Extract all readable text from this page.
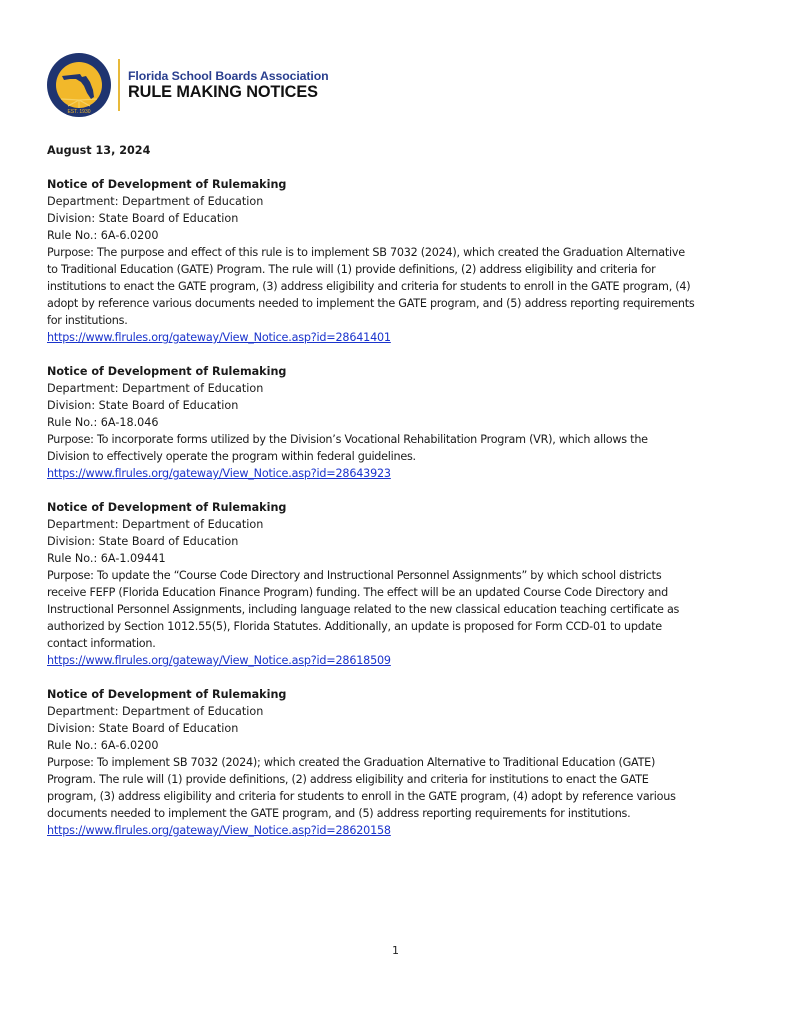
EST. 1930
Florida School Boards Association
RULE MAKING NOTICES
August 13, 2024
Notice of Development of Rulemaking
Department: Department of Education
Division: State Board of Education
Rule No.: 6A-6.0200
Purpose: The purpose and effect of this rule is to implement SB 7032 (2024), which created the Graduation Alternative
to Traditional Education (GATE) Program. The rule will (1) provide definitions, (2) address eligibility and criteria for
institutions to enact the GATE program, (3) address eligibility and criteria for students to enroll in the GATE program, (4)
adopt by reference various documents needed to implement the GATE program, and (5) address reporting requirements
for institutions.
https://www.flrules.org/gateway/View_Notice.asp?id=28641401
Notice of Development of Rulemaking
Department: Department of Education
Division: State Board of Education
Rule No.: 6A-18.046
Purpose: To incorporate forms utilized by the Division’s Vocational Rehabilitation Program (VR), which allows the
Division to effectively operate the program within federal guidelines.
https://www.flrules.org/gateway/View_Notice.asp?id=28643923
Notice of Development of Rulemaking
Department: Department of Education
Division: State Board of Education
Rule No.: 6A-1.09441
Purpose: To update the “Course Code Directory and Instructional Personnel Assignments” by which school districts
receive FEFP (Florida Education Finance Program) funding. The effect will be an updated Course Code Directory and
Instructional Personnel Assignments, including language related to the new classical education teaching certificate as
authorized by Section 1012.55(5), Florida Statutes. Additionally, an update is proposed for Form CCD-01 to update
contact information.
https://www.flrules.org/gateway/View_Notice.asp?id=28618509
Notice of Development of Rulemaking
Department: Department of Education
Division: State Board of Education
Rule No.: 6A-6.0200
Purpose: To implement SB 7032 (2024); which created the Graduation Alternative to Traditional Education (GATE)
Program. The rule will (1) provide definitions, (2) address eligibility and criteria for institutions to enact the GATE
program, (3) address eligibility and criteria for students to enroll in the GATE program, (4) adopt by reference various
documents needed to implement the GATE program, and (5) address reporting requirements for institutions.
https://www.flrules.org/gateway/View_Notice.asp?id=28620158
1
